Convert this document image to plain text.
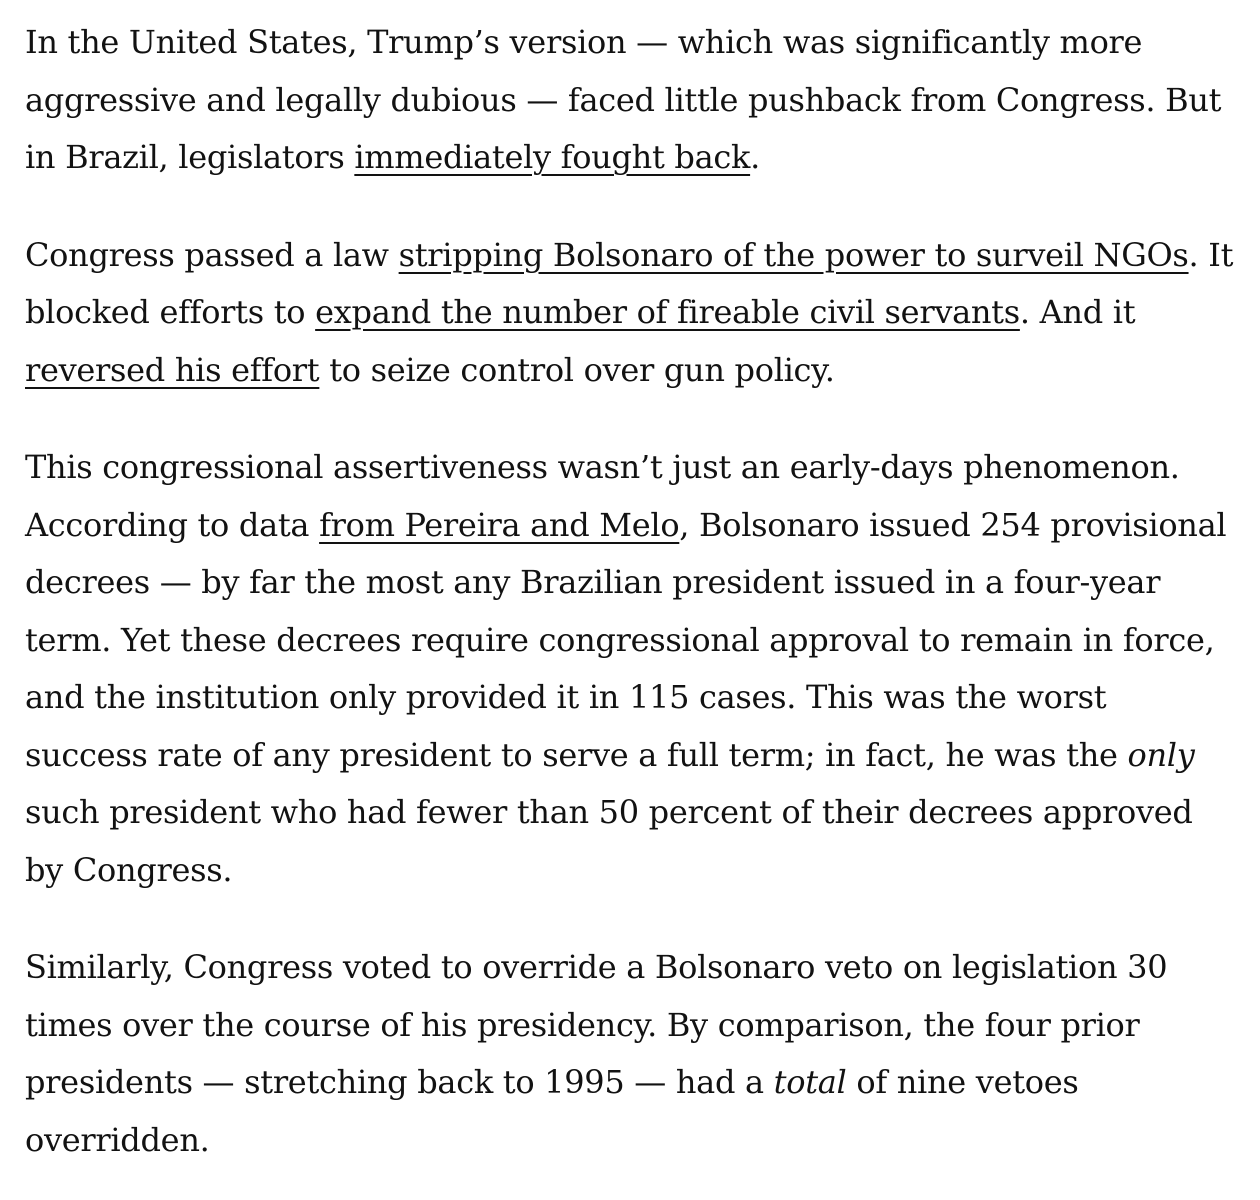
In the United States, Trump’s version — which was significantly more aggressive and legally dubious — faced little pushback from Congress. But in Brazil, legislators immediately fought back.

Congress passed a law stripping Bolsonaro of the power to surveil NGOs. It blocked efforts to expand the number of fireable civil servants. And it reversed his effort to seize control over gun policy.

This congressional assertiveness wasn’t just an early-days phenomenon. According to data from Pereira and Melo, Bolsonaro issued 254 provisional decrees — by far the most any Brazilian president issued in a four-year term. Yet these decrees require congressional approval to remain in force, and the institution only provided it in 115 cases. This was the worst success rate of any president to serve a full term; in fact, he was the only such president who had fewer than 50 percent of their decrees approved by Congress.

Similarly, Congress voted to override a Bolsonaro veto on legislation 30 times over the course of his presidency. By comparison, the four prior presidents — stretching back to 1995 — had a total of nine vetoes overridden.
